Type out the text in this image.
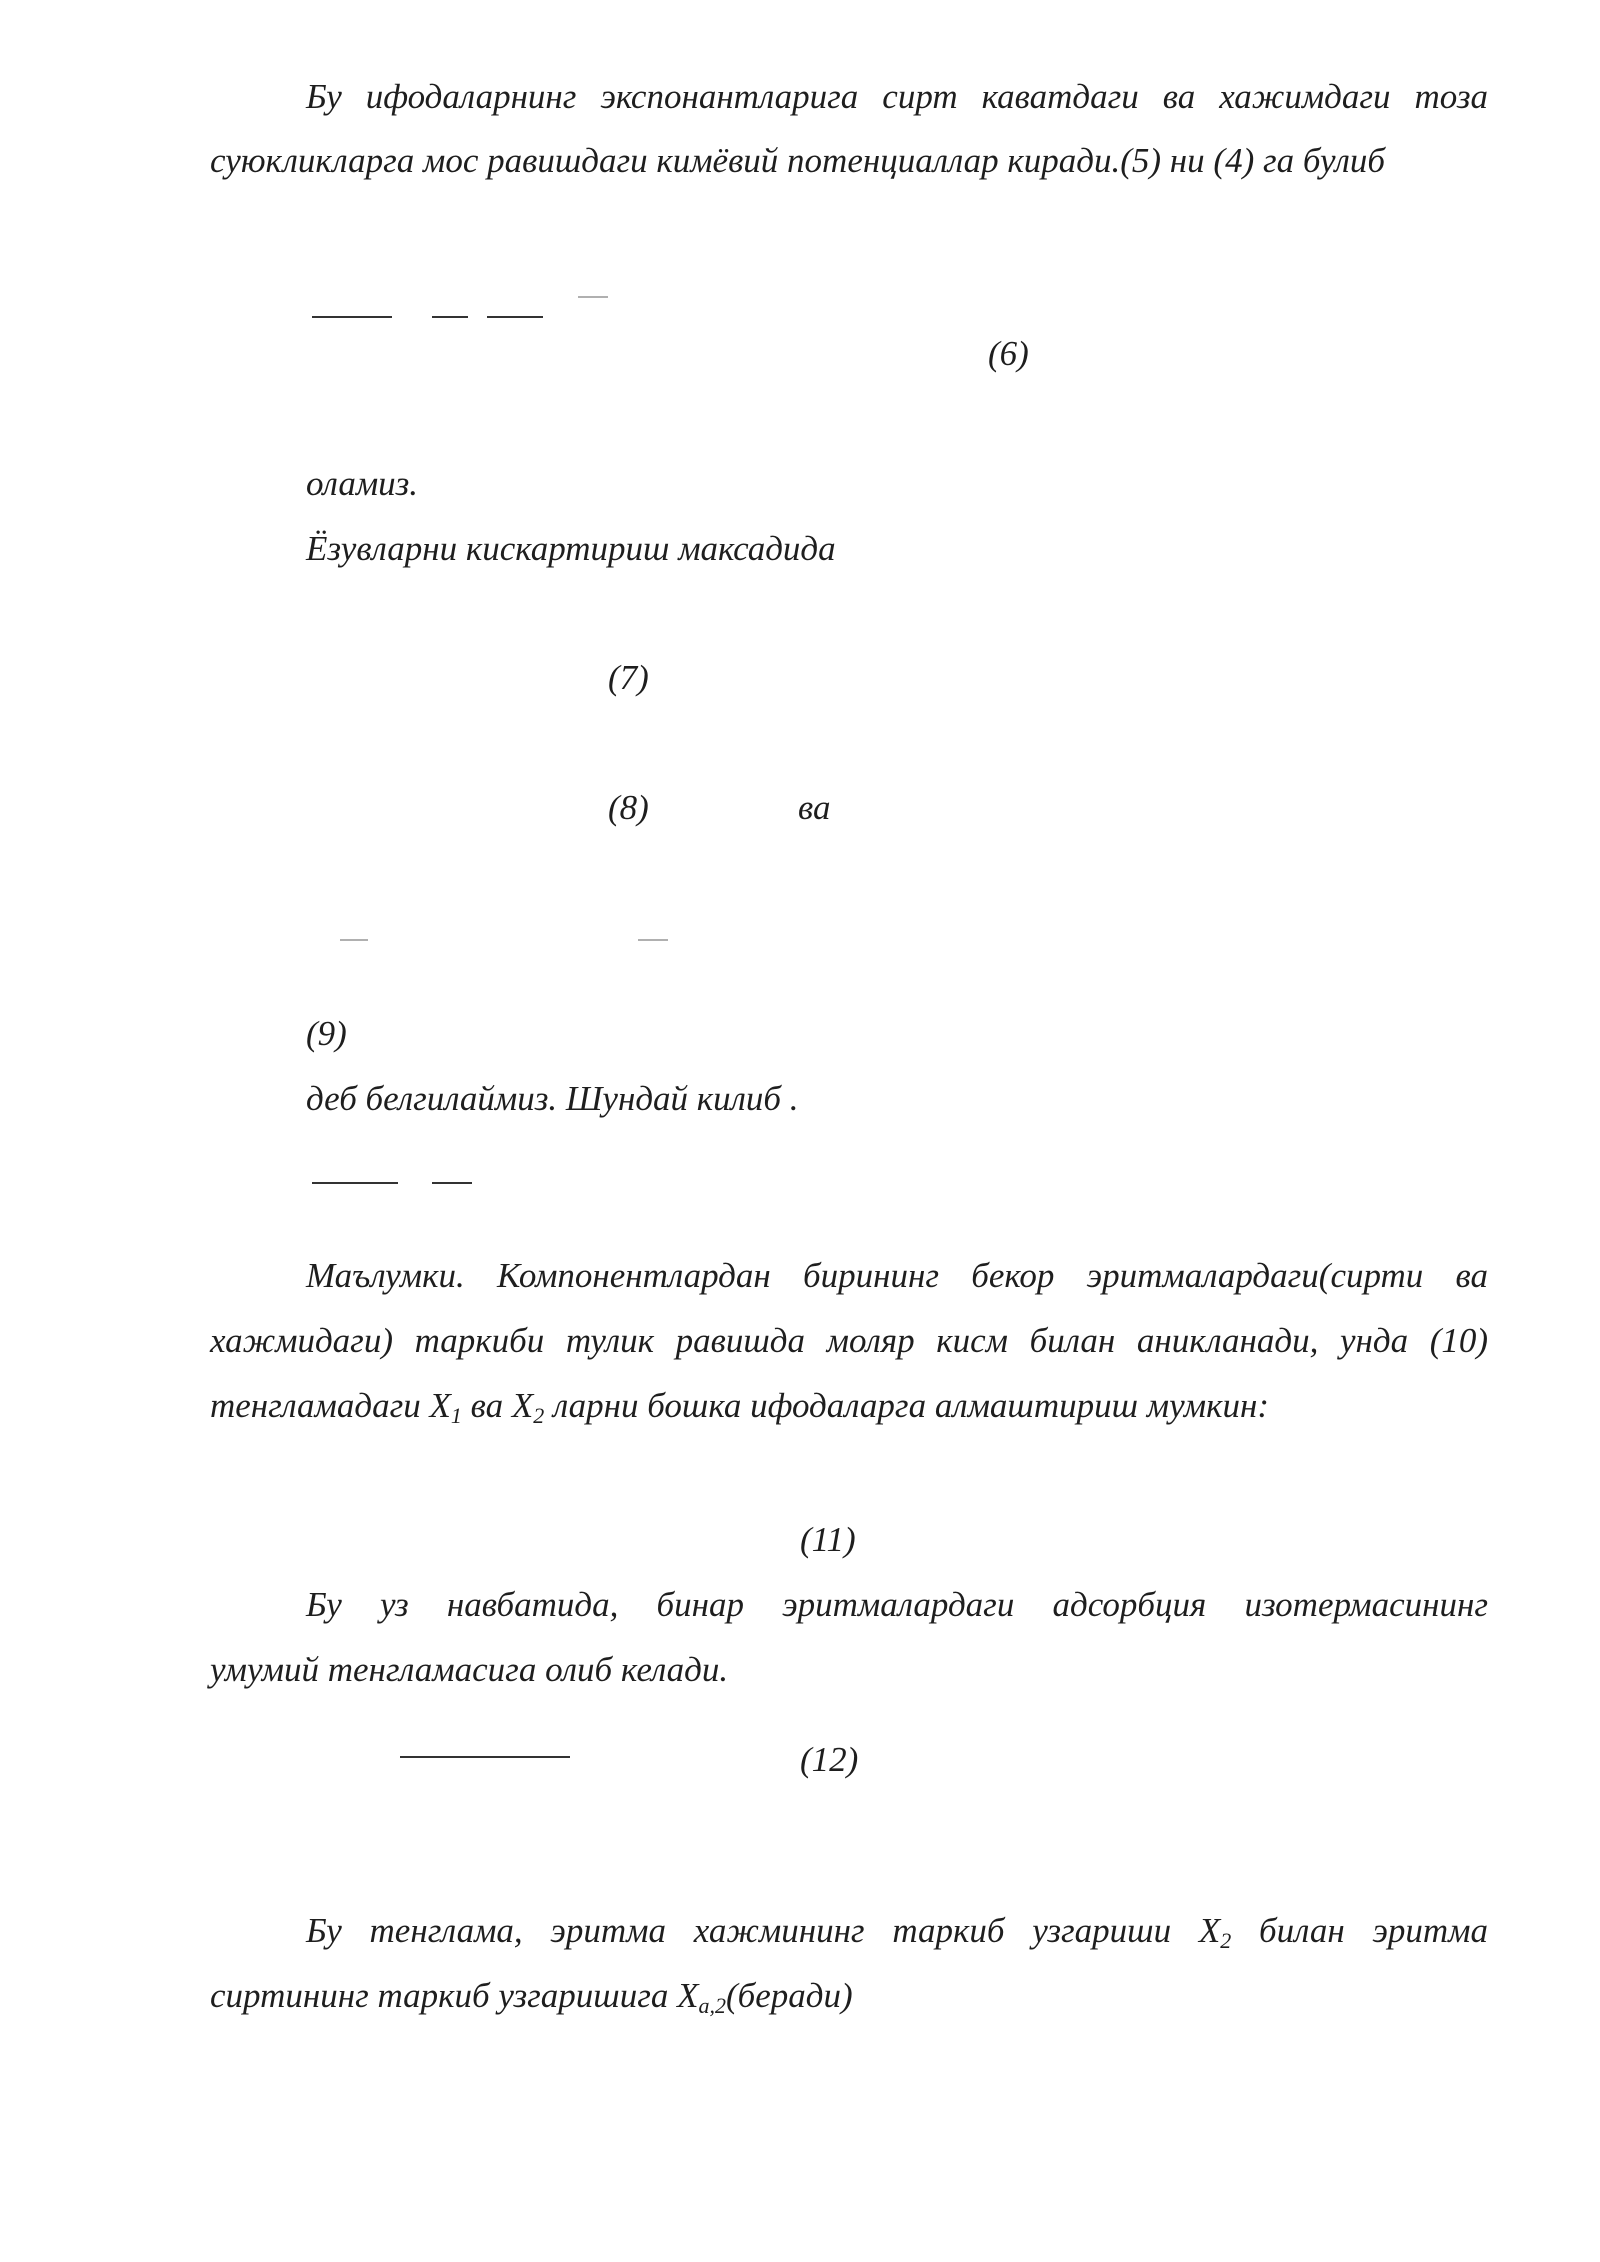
Бу ифодаларнинг экспонантларига сирт каватдаги ва хажимдаги тоза
суюкликларга мос равишдаги кимёвий потенциаллар киради.(5) ни (4) га булиб
(6)
оламиз.
Ёзувларни кискартириш максадида
(7)
(8)	ва
(9)
деб белгилаймиз. Шундай килиб .
Маълумки. Компонентлардан бирининг бекор эритмалардаги(сирти ва
хажмидаги) таркиби тулик равишда моляр кисм билан аникланади, унда (10)
тенгламадаги $X_1$ ва $X_2$ ларни бошка ифодаларга алмаштириш мумкин:
(11)
Бу уз навбатида, бинар эритмалардаги адсорбция изотермасининг
умумий тенгламасига олиб келади.
(12)
Бу тенглама, эритма хажмининг таркиб узгариши $X_2$ билан эритма
сиртининг таркиб узгаришига $X_{a,2}(беради)$
